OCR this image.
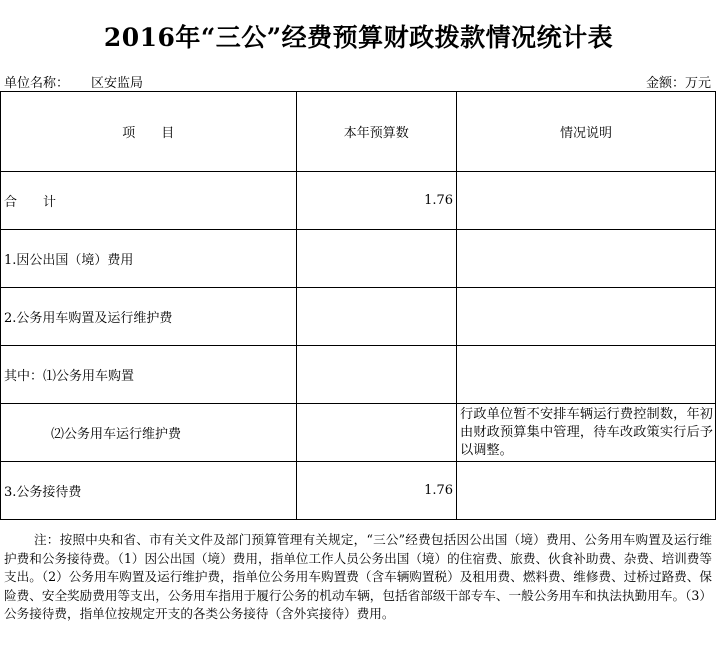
2016年“三公”经费预算财政拨款情况统计表
单位名称： 区安监局	金额：万元
项　　目	本年预算数	情况说明
合　　计	1.76	
1.因公出国（境）费用		
2.公务用车购置及运行维护费		
其中：⑴公务用车购置		
⑵公务用车运行维护费		行政单位暂不安排车辆运行费控制数，年初由财政预算集中管理，待车改政策实行后予以调整。
3.公务接待费	1.76	
注：按照中央和省、市有关文件及部门预算管理有关规定，“三公”经费包括因公出国（境）费用、公务用车购置及运行维护费和公务接待费。（1）因公出国（境）费用，指单位工作人员公务出国（境）的住宿费、旅费、伙食补助费、杂费、培训费等支出。（2）公务用车购置及运行维护费，指单位公务用车购置费（含车辆购置税）及租用费、燃料费、维修费、过桥过路费、保险费、安全奖励费用等支出，公务用车指用于履行公务的机动车辆，包括省部级干部专车、一般公务用车和执法执勤用车。（3）公务接待费，指单位按规定开支的各类公务接待（含外宾接待）费用。
